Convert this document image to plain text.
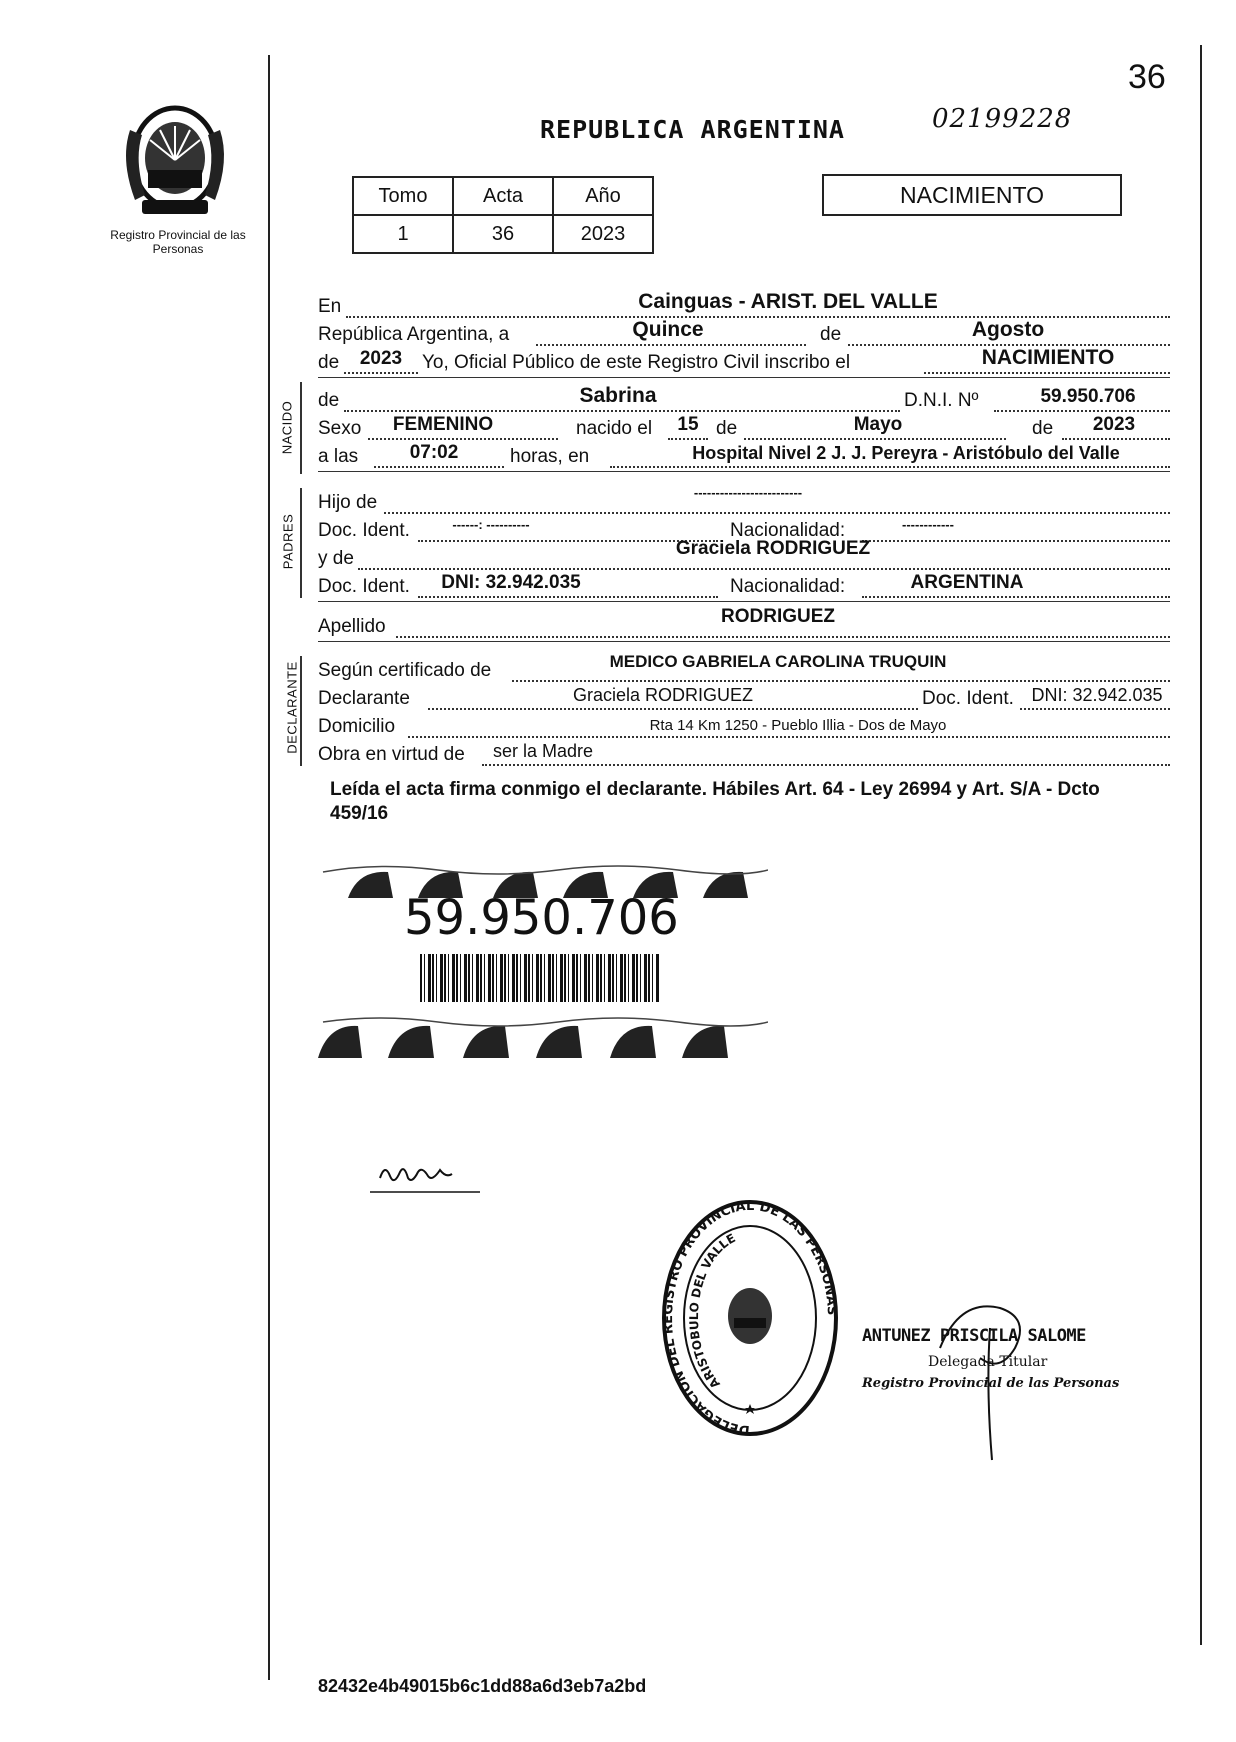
36
Registro Provincial de las Personas
REPUBLICA ARGENTINA	02199228
Tomo	Acta	Año
1	36	2023
NACIMIENTO
En	Cainguas - ARIST. DEL VALLE
República Argentina, a	Quince	de	Agosto
de	2023	Yo, Oficial Público de este Registro Civil inscribo el	NACIMIENTO
NACIDO
de	Sabrina	D.N.I. Nº	59.950.706
Sexo	FEMENINO	nacido el	15 de	Mayo	de	2023
a las	07:02	horas, en	Hospital Nivel 2 J. J. Pereyra - Aristóbulo del Valle
PADRES
Hijo de	-------------------------
Doc. Ident.	------: ----------	Nacionalidad:	------------
y de	Graciela RODRIGUEZ
Doc. Ident.	DNI: 32.942.035	Nacionalidad:	ARGENTINA
Apellido	RODRIGUEZ
DECLARANTE Según certificado de	MEDICO GABRIELA CAROLINA TRUQUIN
Declarante	Graciela RODRIGUEZ	Doc. Ident. DNI: 32.942.035
Domicilio	Rta 14 Km 1250 - Pueblo Illia - Dos de Mayo
Obra en virtud de ser la Madre
Leída el acta firma conmigo el declarante. Hábiles Art. 64 - Ley 26994 y Art. S/A - Dcto 459/16
59.950.706
DELEGACION DEL REGISTRO PROVINCIAL DE LAS PERSONAS
ARISTOBULO DEL VALLE
ANTUNEZ PRISCILA SALOME
Delegada Titular
Registro Provincial de las Personas
82432e4b49015b6c1dd88a6d3eb7a2bd
